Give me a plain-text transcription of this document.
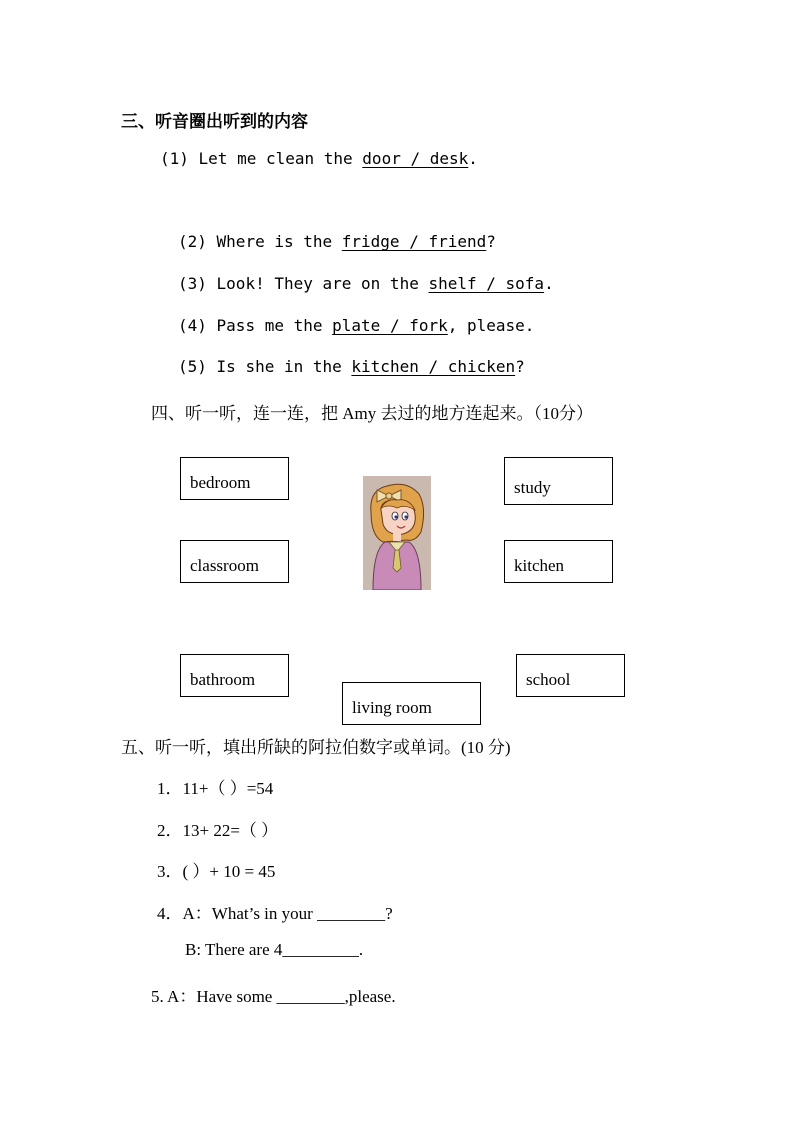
三、听音圈出听到的内容
(1) Let me clean the door / desk.
(2) Where is the fridge / friend?
(3) Look! They are on the shelf / sofa.
(4) Pass me the plate / fork, please.
(5) Is she in the kitchen / chicken?
四、听一听，连一连，把 Amy 去过的地方连起来。（10分）
bedroom	study
classroom	kitchen
bathroom	school
living room
五、听一听，填出所缺的阿拉伯数字或单词。(10 分)
1．11+（ ）=54
2．13+ 22=（ ）
3．( ）+ 10 = 45
4．A：What’s in your ________?
B: There are 4_________.
5. A：Have some ________,please.
